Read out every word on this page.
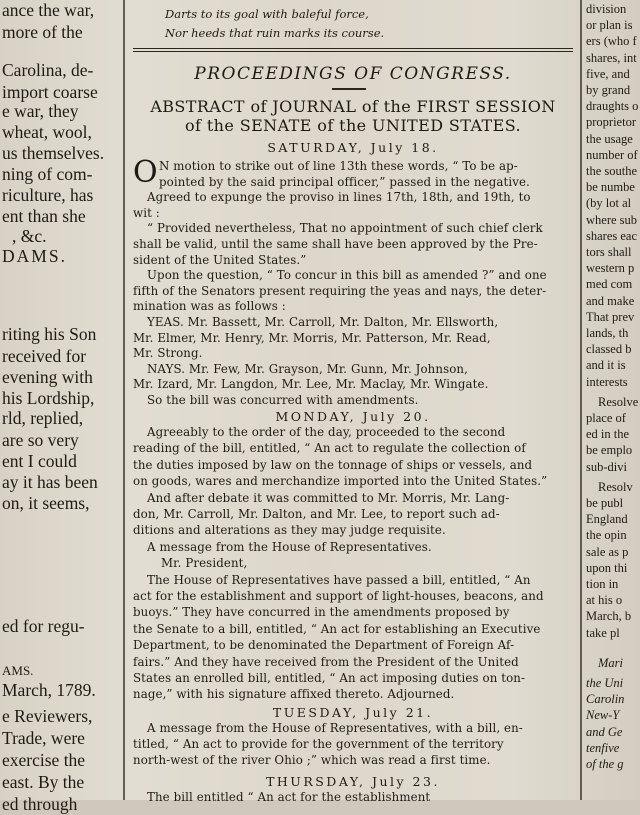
ance the war,
more of the
Carolina, de-
import coarse
e war, they
wheat, wool,
us themselves.
ning of com-
riculture, has
ent than she
, &c.
DAMS.
riting his Son
received for
evening with
his Lordship,
rld, replied,
are so very
ent I could
ay it has been
on, it seems,
ed for regu-
AMS.
March, 1789.
e Reviewers,
Trade, were
exercise the
east. By the
ed through
Darts to its goal with baleful force,
Nor heeds that ruin marks its course.
PROCEEDINGS OF CONGRESS.
ABSTRACT of JOURNAL of the FIRST SESSION
of the SENATE of the UNITED STATES.
SATURDAY, July 18.
O N motion to strike out of line 13th these words, “ To be ap-
pointed by the said principal officer,” passed in the negative.
Agreed to expunge the proviso in lines 17th, 18th, and 19th, to
wit :
“ Provided nevertheless, That no appointment of such chief clerk
shall be valid, until the same shall have been approved by the Pre-
sident of the United States.”
Upon the question, “ To concur in this bill as amended ?” and one
fifth of the Senators present requiring the yeas and nays, the deter-
mination was as follows :
YEAS. Mr. Bassett, Mr. Carroll, Mr. Dalton, Mr. Ellsworth,
Mr. Elmer, Mr. Henry, Mr. Morris, Mr. Patterson, Mr. Read,
Mr. Strong.
NAYS. Mr. Few, Mr. Grayson, Mr. Gunn, Mr. Johnson,
Mr. Izard, Mr. Langdon, Mr. Lee, Mr. Maclay, Mr. Wingate.
So the bill was concurred with amendments.
MONDAY, July 20.
Agreeably to the order of the day, proceeded to the second
reading of the bill, entitled, “ An act to regulate the collection of
the duties imposed by law on the tonnage of ships or vessels, and
on goods, wares and merchandize imported into the United States.”
And after debate it was committed to Mr. Morris, Mr. Lang-
don, Mr. Carroll, Mr. Dalton, and Mr. Lee, to report such ad-
ditions and alterations as they may judge requisite.
A message from the House of Representatives.
Mr. President,
The House of Representatives have passed a bill, entitled, “ An
act for the establishment and support of light-houses, beacons, and
buoys.” They have concurred in the amendments proposed by
the Senate to a bill, entitled, “ An act for establishing an Executive
Department, to be denominated the Department of Foreign Af-
fairs.” And they have received from the President of the United
States an enrolled bill, entitled, “ An act imposing duties on ton-
nage,” with his signature affixed thereto. Adjourned.
TUESDAY, July 21.
A message from the House of Representatives, with a bill, en-
titled, “ An act to provide for the government of the territory
north-west of the river Ohio ;” which was read a first time.
THURSDAY, July 23.
The bill entitled “ An act for the establishment
division
or plan is
ers (who f
shares, int
five, and
by grand
draughts o
proprietor
the usage
number of
the southe
be numbe
(by lot al
where sub
shares eac
tors shall
western p
med com
and make
That prev
lands, th
classed b
and it is
interests
Resolve
place of
ed in the
be emplo
sub-divi
Resolv
be publ
England
the opin
sale as p
upon thi
tion in
at his o
March, b
take pl
Mari
the Uni
Carolin
New-Y
and Ge
tenfive
of the g
